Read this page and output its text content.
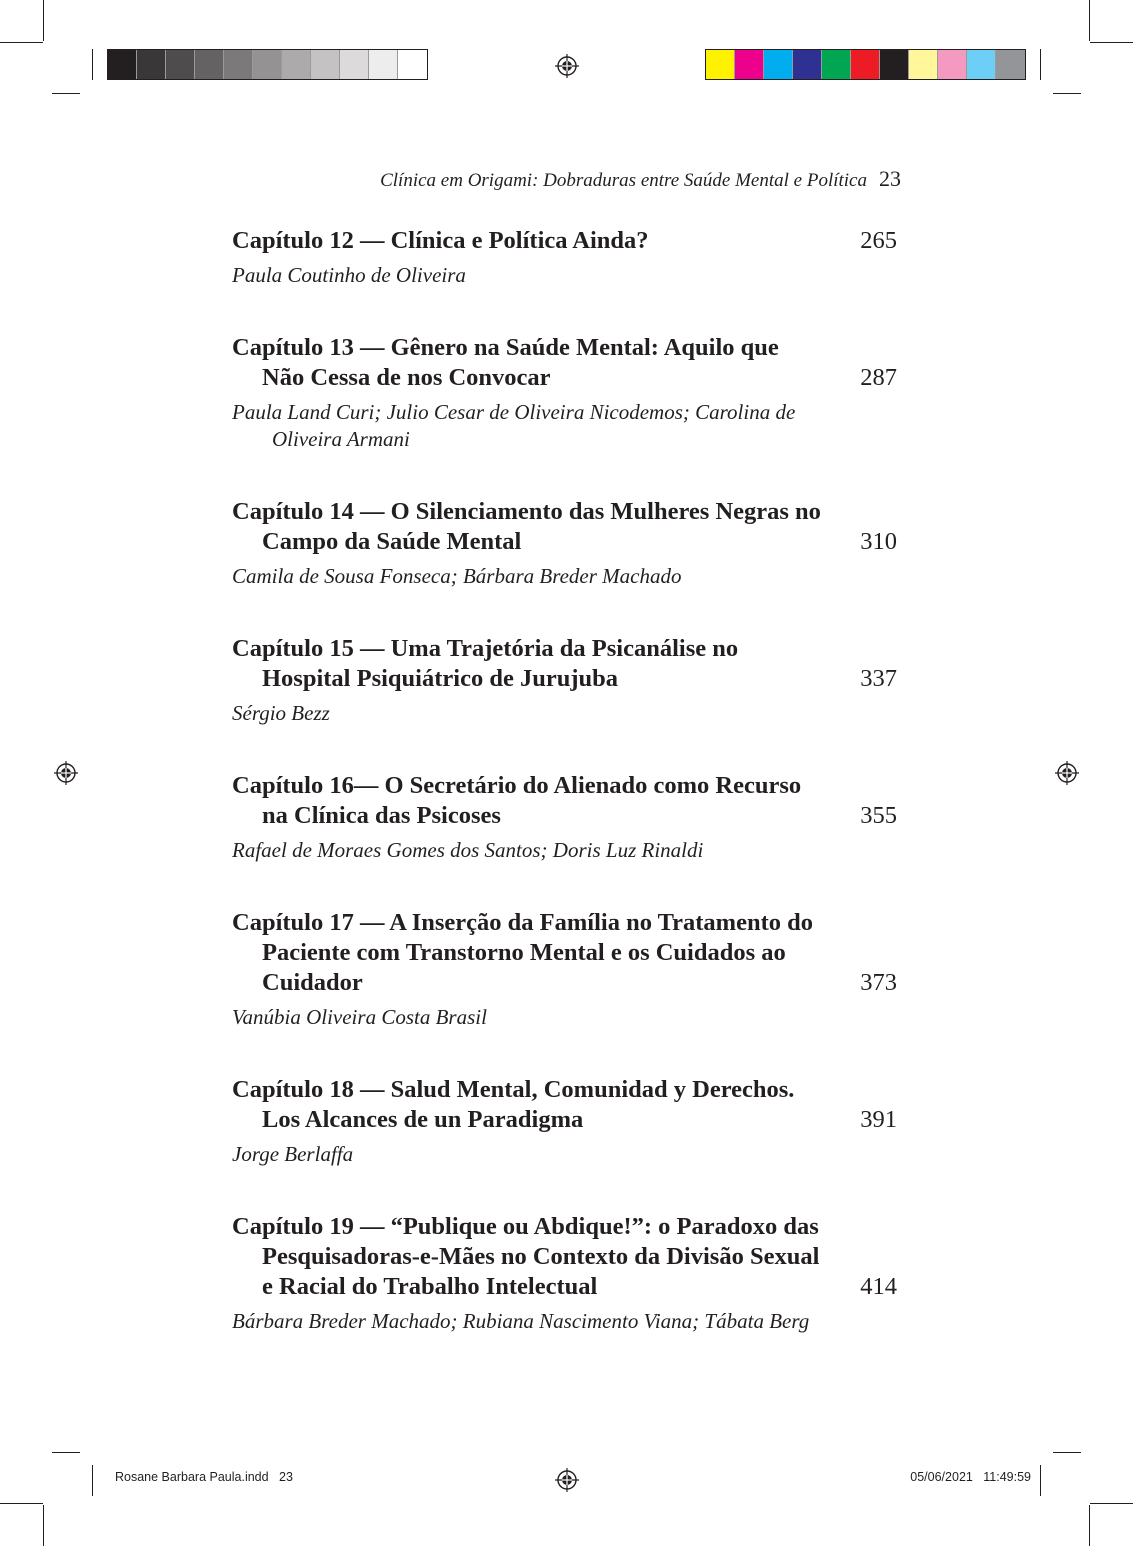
Clínica em Origami: Dobraduras entre Saúde Mental e Política 23
Capítulo 12 — Clínica e Política Ainda?	265
Paula Coutinho de Oliveira
Capítulo 13 — Gênero na Saúde Mental: Aquilo que Não Cessa de nos Convocar	287
Paula Land Curi; Julio Cesar de Oliveira Nicodemos; Carolina de Oliveira Armani
Capítulo 14 — O Silenciamento das Mulheres Negras no Campo da Saúde Mental	310
Camila de Sousa Fonseca; Bárbara Breder Machado
Capítulo 15 — Uma Trajetória da Psicanálise no Hospital Psiquiátrico de Jurujuba	337
Sérgio Bezz
Capítulo 16— O Secretário do Alienado como Recurso na Clínica das Psicoses	355
Rafael de Moraes Gomes dos Santos; Doris Luz Rinaldi
Capítulo 17 — A Inserção da Família no Tratamento do Paciente com Transtorno Mental e os Cuidados ao Cuidador	373
Vanúbia Oliveira Costa Brasil
Capítulo 18 — Salud Mental, Comunidad y Derechos. Los Alcances de un Paradigma	391
Jorge Berlaffa
Capítulo 19 — “Publique ou Abdique!”: o Paradoxo das Pesquisadoras-e-Mães no Contexto da Divisão Sexual e Racial do Trabalho Intelectual	414
Bárbara Breder Machado; Rubiana Nascimento Viana; Tábata Berg
Rosane Barbara Paula.indd   23	05/06/2021   11:49:59
